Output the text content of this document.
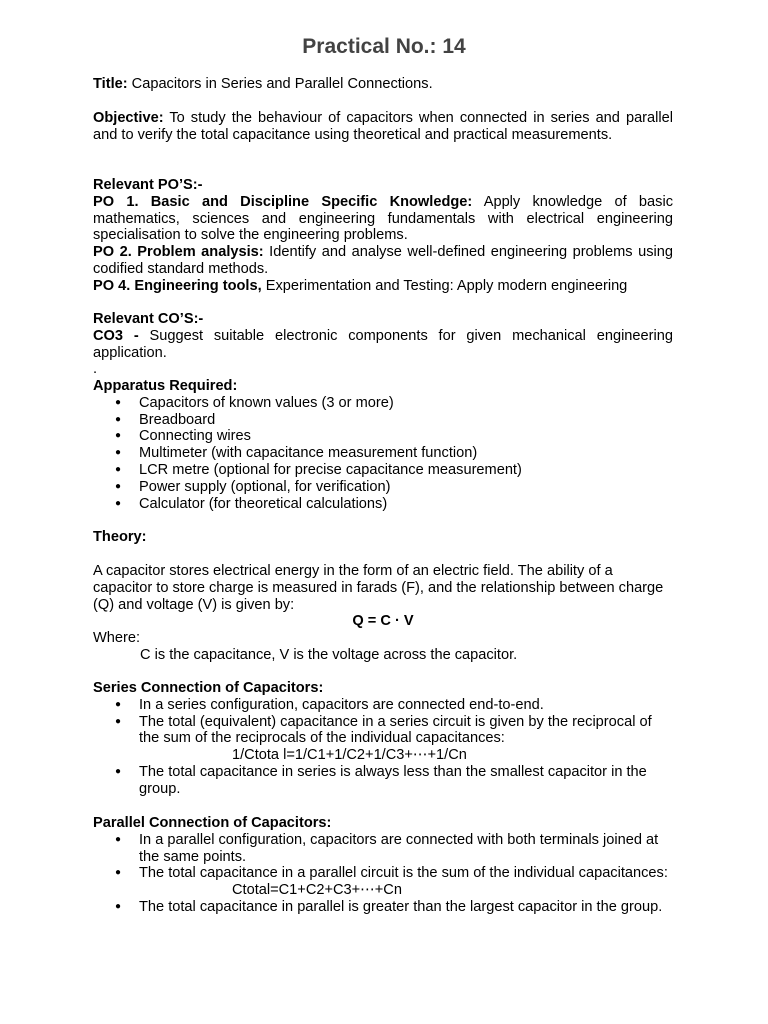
Practical No.: 14
Title: Capacitors in Series and Parallel Connections.
Objective: To study the behaviour of capacitors when connected in series and parallel and to verify the total capacitance using theoretical and practical measurements.
Relevant PO’S:-
PO 1. Basic and Discipline Specific Knowledge: Apply knowledge of basic mathematics, sciences and engineering fundamentals with electrical engineering specialisation to solve the engineering problems.
PO 2. Problem analysis: Identify and analyse well-defined engineering problems using codified standard methods.
PO 4. Engineering tools, Experimentation and Testing: Apply modern engineering
Relevant CO’S:-
CO3 - Suggest suitable electronic components for given mechanical engineering application.
.
Apparatus Required:
● Capacitors of known values (3 or more)
● Breadboard
● Connecting wires
● Multimeter (with capacitance measurement function)
● LCR metre (optional for precise capacitance measurement)
● Power supply (optional, for verification)
● Calculator (for theoretical calculations)
Theory:
A capacitor stores electrical energy in the form of an electric field. The ability of a capacitor to store charge is measured in farads (F), and the relationship between charge (Q) and voltage (V) is given by:
Q = C · V
Where:
C is the capacitance, V is the voltage across the capacitor.
Series Connection of Capacitors:
● In a series configuration, capacitors are connected end-to-end.
● The total (equivalent) capacitance in a series circuit is given by the reciprocal of the sum of the reciprocals of the individual capacitances:
1/Ctota l=1/C1+1/C2+1/C3+⋯+1/Cn
● The total capacitance in series is always less than the smallest capacitor in the group.
Parallel Connection of Capacitors:
● In a parallel configuration, capacitors are connected with both terminals joined at the same points.
● The total capacitance in a parallel circuit is the sum of the individual capacitances:
Ctotal=C1+C2+C3+⋯+Cn
● The total capacitance in parallel is greater than the largest capacitor in the group.
